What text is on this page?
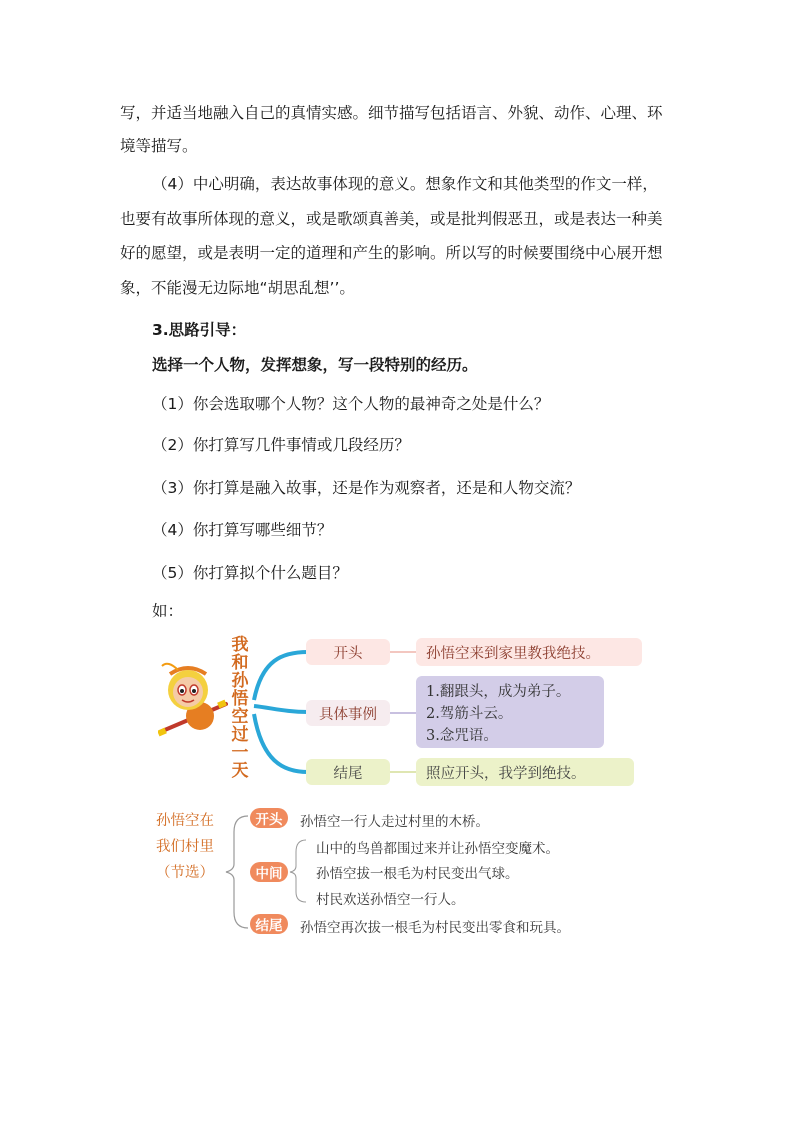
写，并适当地融入自己的真情实感。细节描写包括语言、外貌、动作、心理、环
境等描写。
（4）中心明确，表达故事体现的意义。想象作文和其他类型的作文一样，
也要有故事所体现的意义，或是歌颂真善美，或是批判假恶丑，或是表达一种美
好的愿望，或是表明一定的道理和产生的影响。所以写的时候要围绕中心展开想
象，不能漫无边际地“胡思乱想’’。
3.思路引导：
选择一个人物，发挥想象，写一段特别的经历。
（1）你会选取哪个人物？这个人物的最神奇之处是什么？
（2）你打算写几件事情或几段经历？
（3）你打算是融入故事，还是作为观察者，还是和人物交流？
（4）你打算写哪些细节？
（5）你打算拟个什么题目？
如：
我
和
孙
悟
空
过
一
天
开头	孙悟空来到家里教我绝技。
具体事例
1.翻跟头，成为弟子。
2.驾筋斗云。
3.念咒语。
结尾	照应开头，我学到绝技。
孙悟空在
我们村里
（节选）
开头	孙悟空一行人走过村里的木桥。
中间
山中的鸟兽都围过来并让孙悟空变魔术。
孙悟空拔一根毛为村民变出气球。
村民欢送孙悟空一行人。
结尾	孙悟空再次拔一根毛为村民变出零食和玩具。
